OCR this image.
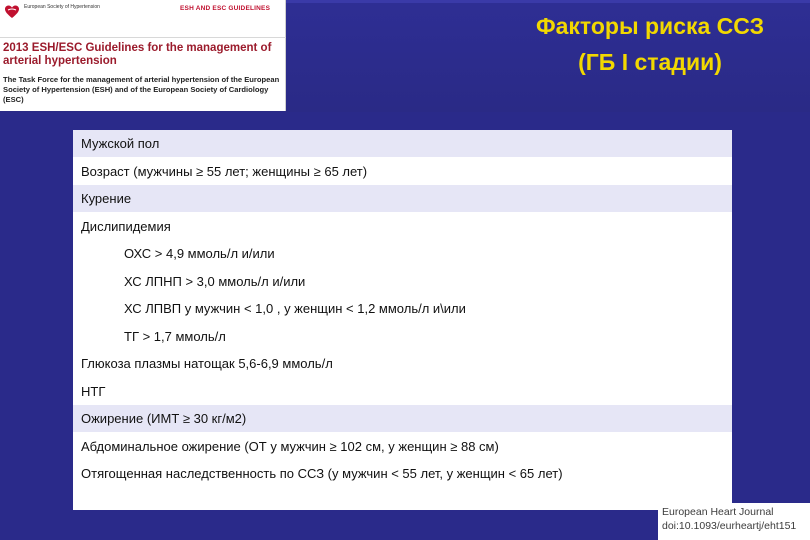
European Society of Hypertension	ESH AND ESC GUIDELINES
2013 ESH/ESC Guidelines for the management of arterial hypertension
The Task Force for the management of arterial hypertension of the European Society of Hypertension (ESH) and of the European Society of Cardiology (ESC)
Факторы риска ССЗ
(ГБ I стадии)
Мужской пол
Возраст (мужчины ≥ 55 лет; женщины ≥ 65 лет)
Курение
Дислипидемия
ОХС > 4,9 ммоль/л и/или
ХС ЛПНП > 3,0 ммоль/л и/или
ХС ЛПВП у мужчин < 1,0 , у женщин < 1,2 ммоль/л и\или
ТГ > 1,7 ммоль/л
Глюкоза плазмы натощак 5,6-6,9 ммоль/л
НТГ
Ожирение (ИМТ ≥ 30 кг/м2)
Абдоминальное ожирение (ОТ у мужчин ≥ 102 см, у женщин ≥ 88 см)
Отягощенная наследственность по ССЗ (у мужчин < 55 лет, у женщин < 65 лет)
European Heart Journal
doi:10.1093/eurheartj/eht151
